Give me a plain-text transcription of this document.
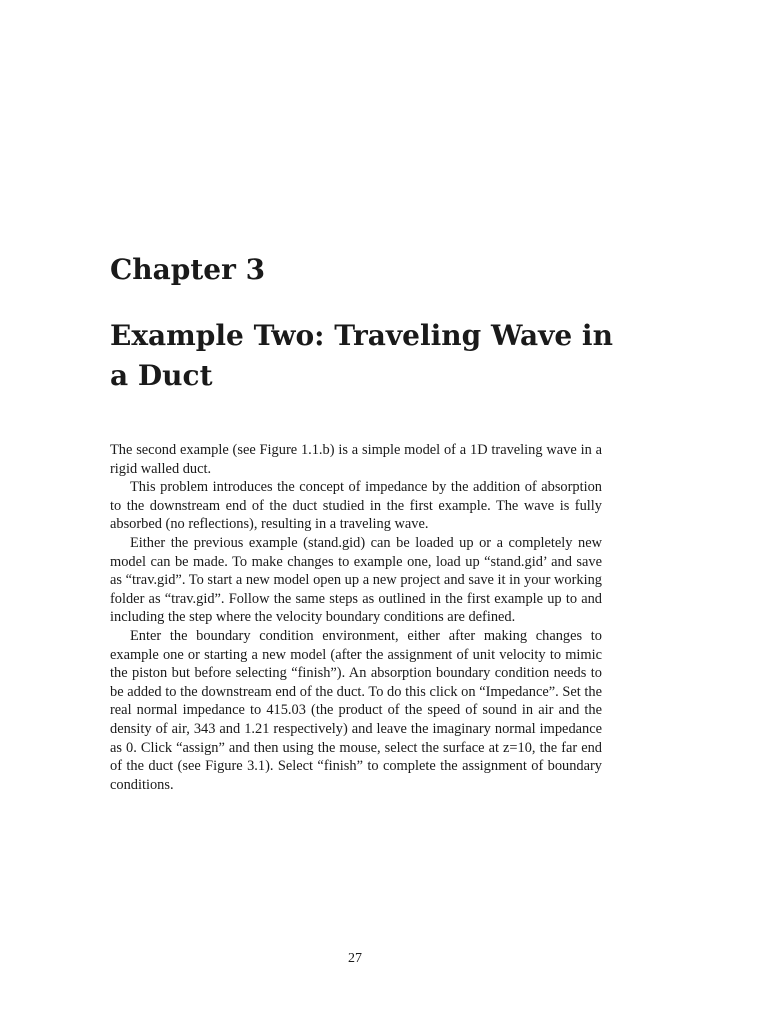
Chapter 3
Example Two: Traveling Wave in a Duct

The second example (see Figure 1.1.b) is a simple model of a 1D traveling wave in a rigid walled duct.

This problem introduces the concept of impedance by the addition of absorption to the downstream end of the duct studied in the first example. The wave is fully absorbed (no reflections), resulting in a traveling wave.

Either the previous example (stand.gid) can be loaded up or a completely new model can be made. To make changes to example one, load up “stand.gid’ and save as “trav.gid”. To start a new model open up a new project and save it in your working folder as “trav.gid”. Follow the same steps as outlined in the first example up to and including the step where the velocity boundary conditions are defined.

Enter the boundary condition environment, either after making changes to example one or starting a new model (after the assignment of unit velocity to mimic the piston but before selecting “finish”). An absorption boundary condition needs to be added to the downstream end of the duct. To do this click on “Impedance”. Set the real normal impedance to 415.03 (the product of the speed of sound in air and the density of air, 343 and 1.21 respectively) and leave the imaginary normal impedance as 0. Click “assign” and then using the mouse, select the surface at z=10, the far end of the duct (see Figure 3.1). Select “finish” to complete the assignment of boundary conditions.

27
